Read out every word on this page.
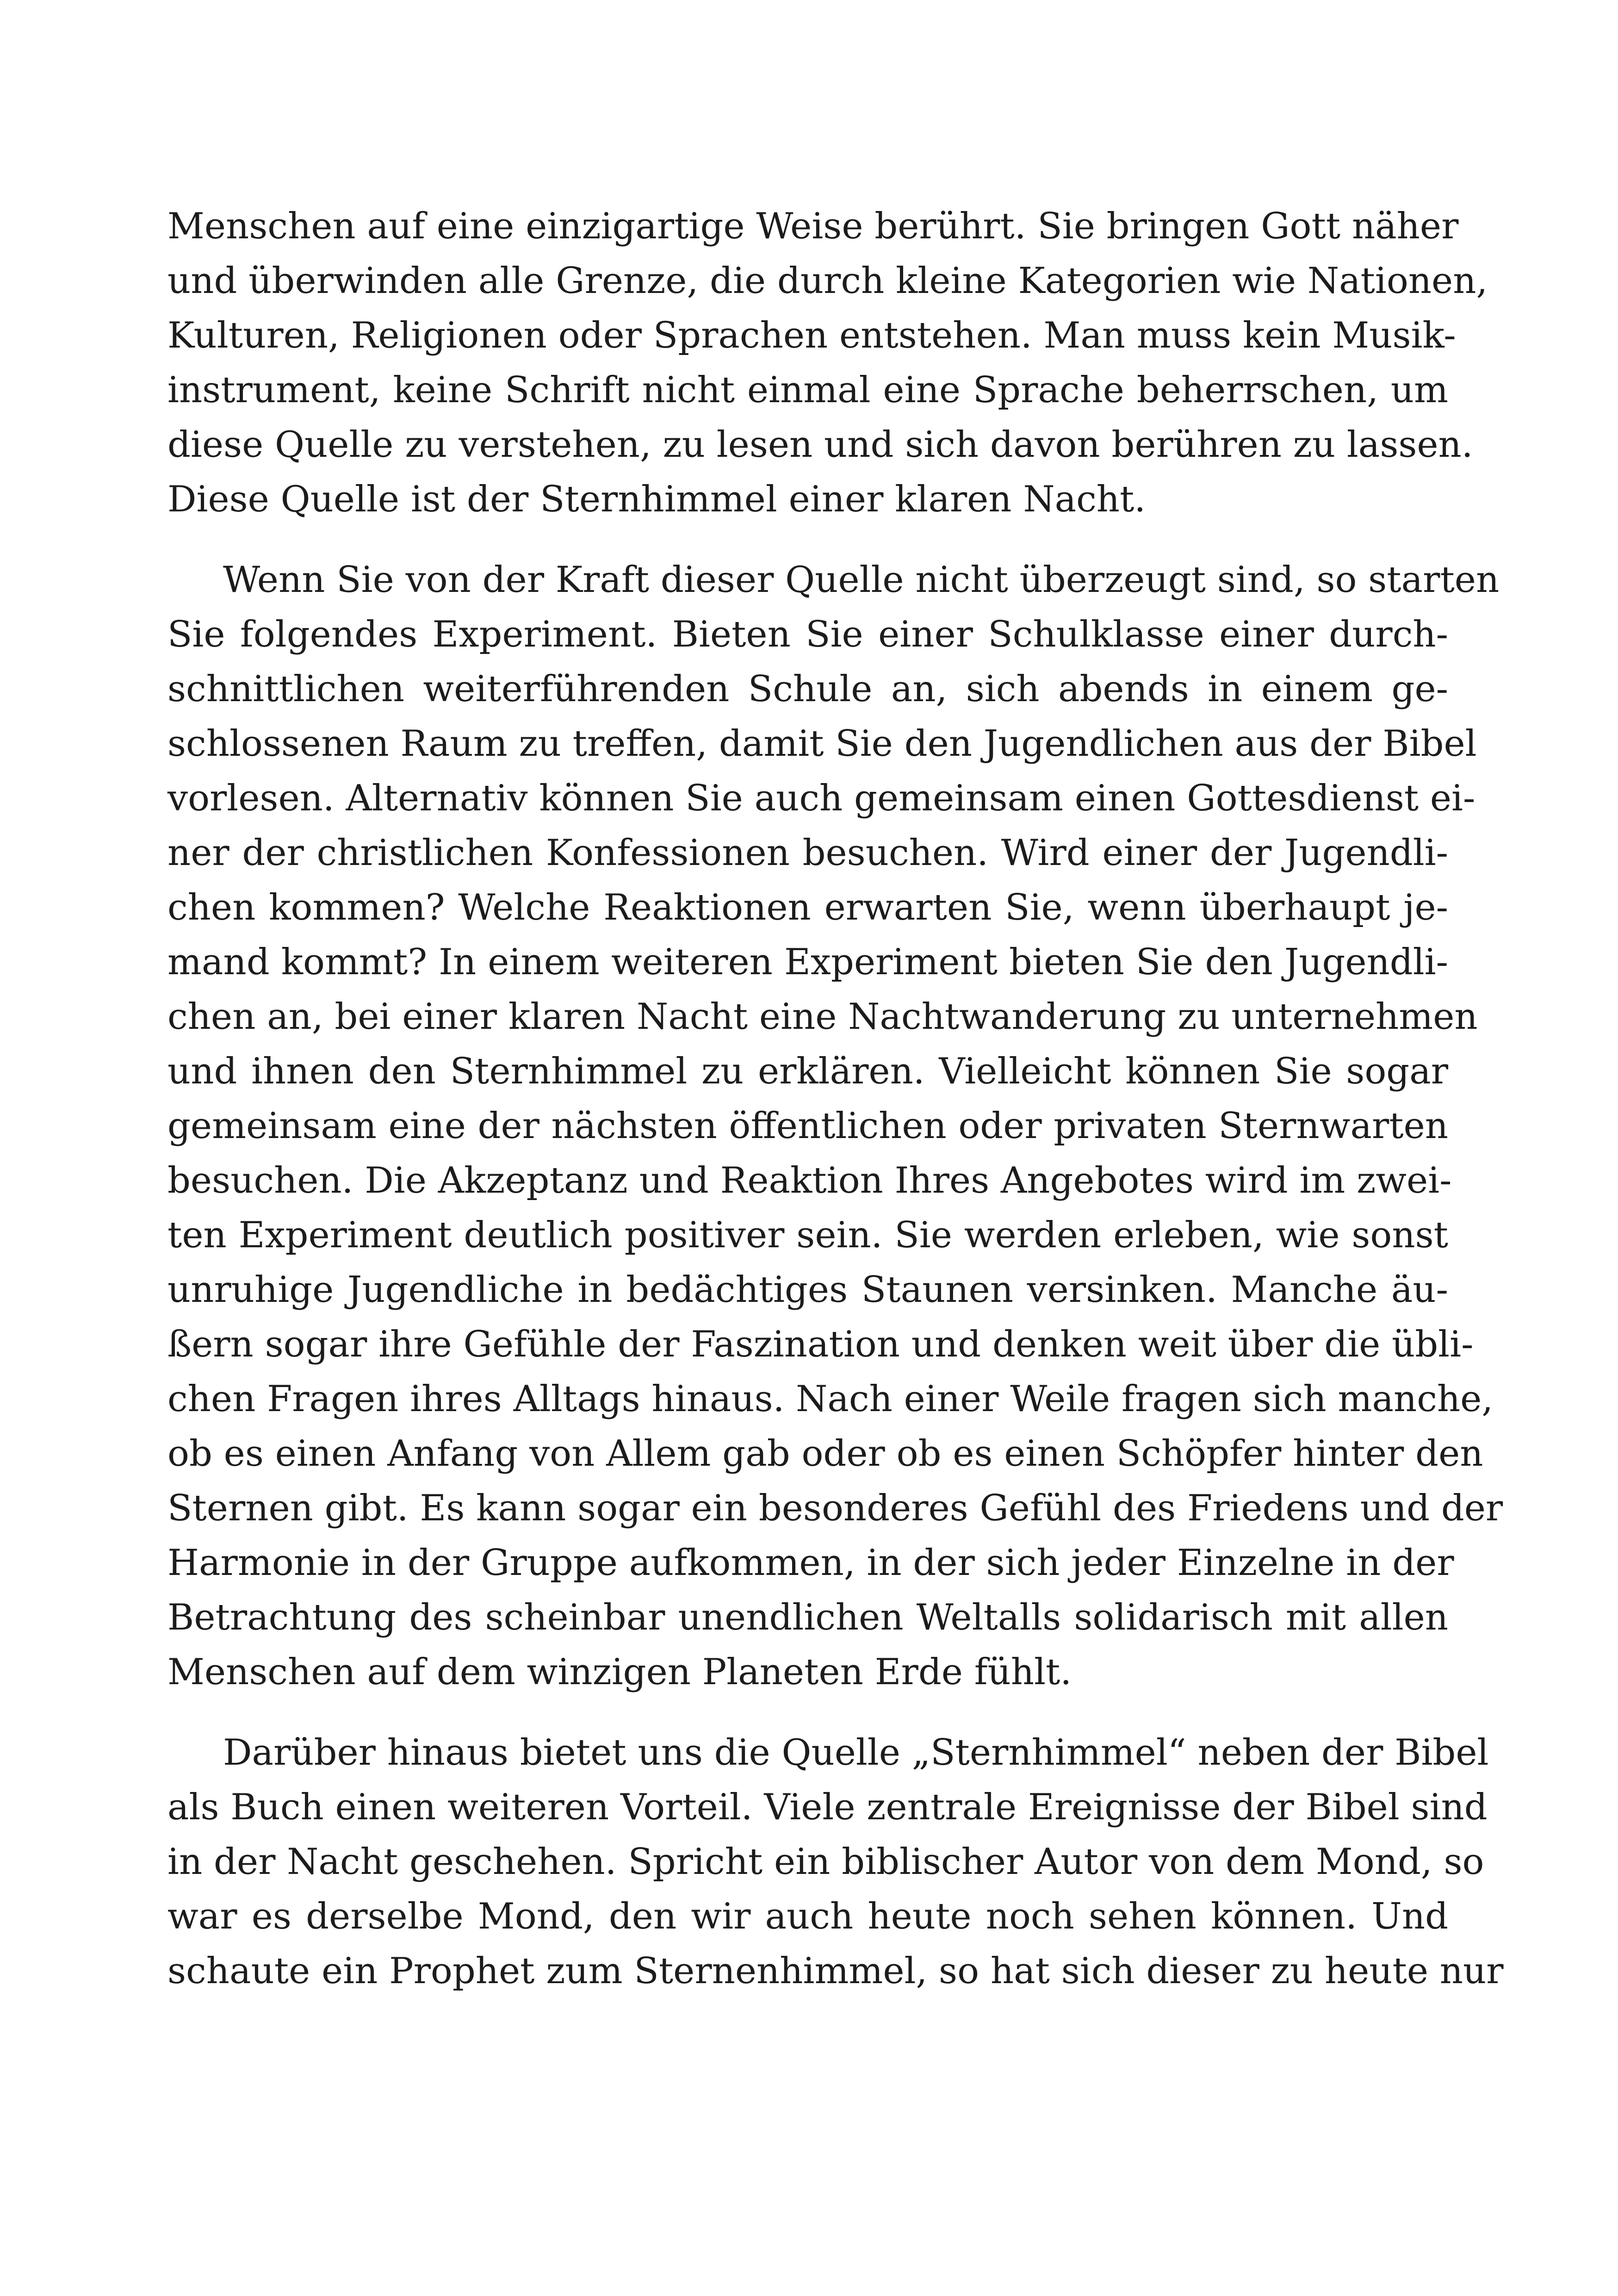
Menschen auf eine einzigartige Weise berührt. Sie bringen Gott näher
und überwinden alle Grenze, die durch kleine Kategorien wie Nationen,
Kulturen, Religionen oder Sprachen entstehen. Man muss kein Musik-
instrument, keine Schrift nicht einmal eine Sprache beherrschen, um
diese Quelle zu verstehen, zu lesen und sich davon berühren zu lassen.
Diese Quelle ist der Sternhimmel einer klaren Nacht.
Wenn Sie von der Kraft dieser Quelle nicht überzeugt sind, so starten
Sie folgendes Experiment. Bieten Sie einer Schulklasse einer durch-
schnittlichen weiterführenden Schule an, sich abends in einem ge-
schlossenen Raum zu treffen, damit Sie den Jugendlichen aus der Bibel
vorlesen. Alternativ können Sie auch gemeinsam einen Gottesdienst ei-
ner der christlichen Konfessionen besuchen. Wird einer der Jugendli-
chen kommen? Welche Reaktionen erwarten Sie, wenn überhaupt je-
mand kommt? In einem weiteren Experiment bieten Sie den Jugendli-
chen an, bei einer klaren Nacht eine Nachtwanderung zu unternehmen
und ihnen den Sternhimmel zu erklären. Vielleicht können Sie sogar
gemeinsam eine der nächsten öffentlichen oder privaten Sternwarten
besuchen. Die Akzeptanz und Reaktion Ihres Angebotes wird im zwei-
ten Experiment deutlich positiver sein. Sie werden erleben, wie sonst
unruhige Jugendliche in bedächtiges Staunen versinken. Manche äu-
ßern sogar ihre Gefühle der Faszination und denken weit über die übli-
chen Fragen ihres Alltags hinaus. Nach einer Weile fragen sich manche,
ob es einen Anfang von Allem gab oder ob es einen Schöpfer hinter den
Sternen gibt. Es kann sogar ein besonderes Gefühl des Friedens und der
Harmonie in der Gruppe aufkommen, in der sich jeder Einzelne in der
Betrachtung des scheinbar unendlichen Weltalls solidarisch mit allen
Menschen auf dem winzigen Planeten Erde fühlt.
Darüber hinaus bietet uns die Quelle „Sternhimmel“ neben der Bibel
als Buch einen weiteren Vorteil. Viele zentrale Ereignisse der Bibel sind
in der Nacht geschehen. Spricht ein biblischer Autor von dem Mond, so
war es derselbe Mond, den wir auch heute noch sehen können. Und
schaute ein Prophet zum Sternenhimmel, so hat sich dieser zu heute nur
